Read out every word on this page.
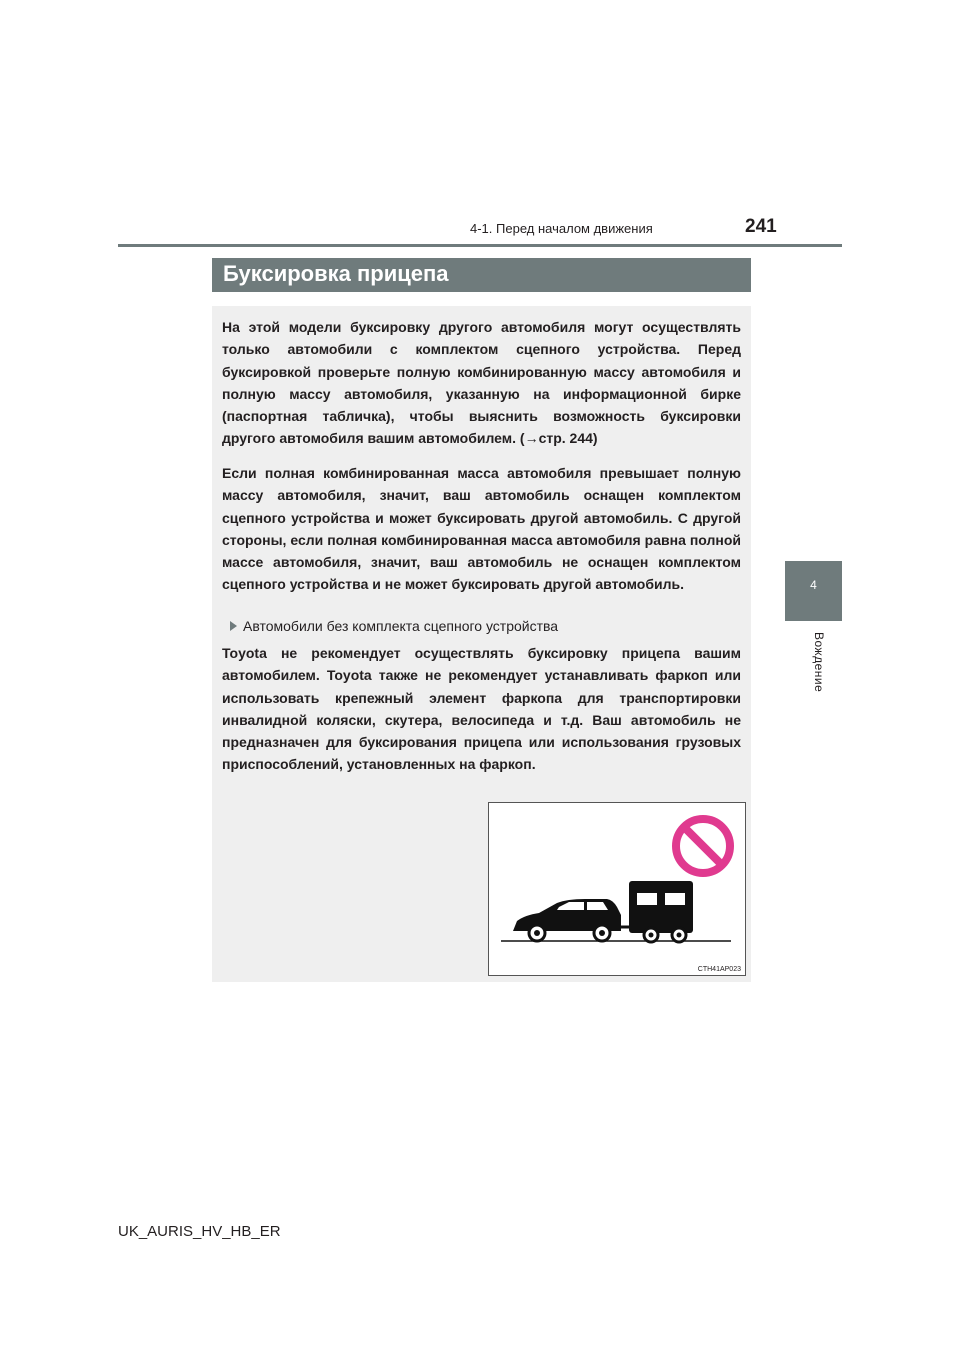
241
4-1. Перед началом движения
4
Вождение
Буксировка прицепа

На этой модели буксировку другого автомобиля могут осуществлять только автомобили с комплектом сцепного устройства. Перед буксировкой проверьте полную комбинированную массу автомобиля и полную массу автомобиля, указанную на информационной бирке (паспортная табличка), чтобы выяснить возможность буксировки другого автомобиля вашим автомобилем. (→стр. 244)

Если полная комбинированная масса автомобиля превышает полную массу автомобиля, значит, ваш автомобиль оснащен комплектом сцепного устройства и может буксировать другой автомобиль. С другой стороны, если полная комбинированная масса автомобиля равна полной массе автомобиля, значит, ваш автомобиль не оснащен комплектом сцепного устройства и не может буксировать другой автомобиль.

Автомобили без комплекта сцепного устройства

Toyota не рекомендует осуществлять буксировку прицепа вашим автомобилем. Toyota также не рекомендует устанавливать фаркоп или использовать крепежный элемент фаркопа для транспортировки инвалидной коляски, скутера, велосипеда и т.д. Ваш автомобиль не предназначен для буксирования прицепа или использования грузовых приспособлений, установленных на фаркоп.

CTH41AP023
UK_AURIS_HV_HB_ER
